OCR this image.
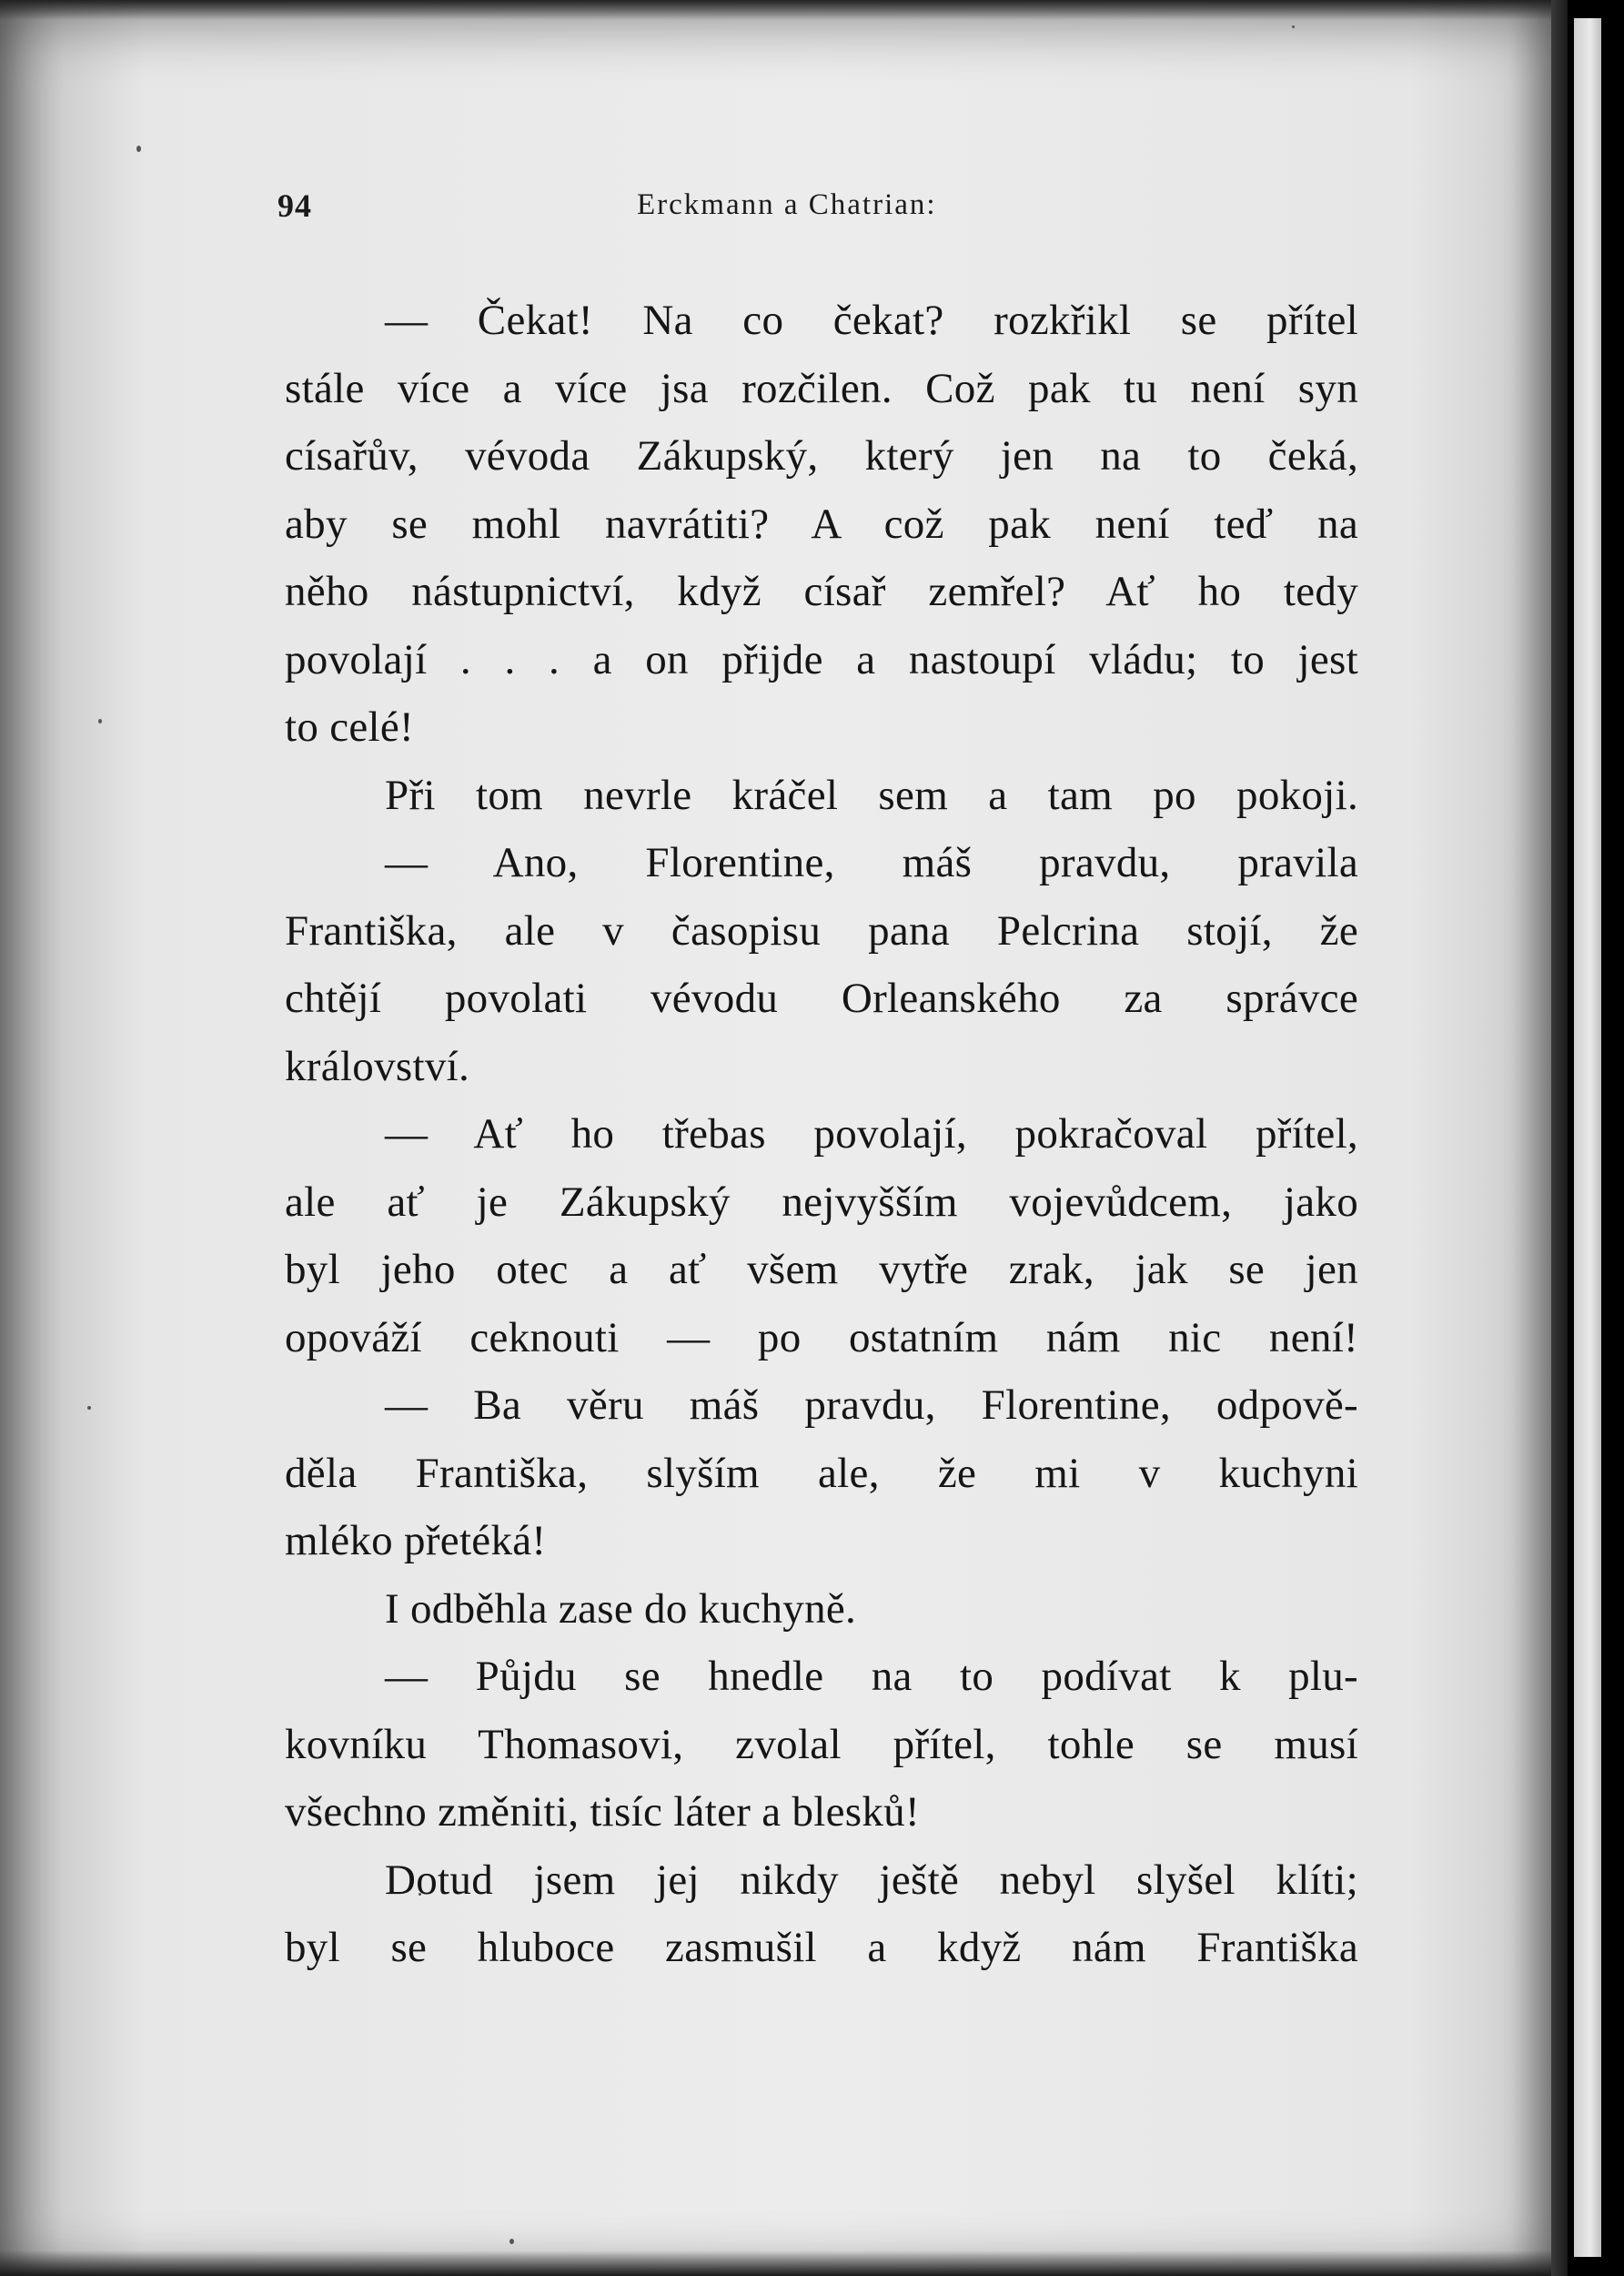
94	Erckmann a Chatrian:
— Čekat! Na co čekat? rozkřikl se přítel
stále více a více jsa rozčilen. Což pak tu není syn
císařův, vévoda Zákupský, který jen na to čeká,
aby se mohl navrátiti? A což pak není teď na
něho nástupnictví, když císař zemřel? Ať ho tedy
povolají . . . a on přijde a nastoupí vládu; to jest
to celé!
Při tom nevrle kráčel sem a tam po pokoji.
— Ano, Florentine, máš pravdu, pravila
Františka, ale v časopisu pana Pelcrina stojí, že
chtějí povolati vévodu Orleanského za správce
království.
— Ať ho třebas povolají, pokračoval přítel,
ale ať je Zákupský nejvyšším vojevůdcem, jako
byl jeho otec a ať všem vytře zrak, jak se jen
opováží ceknouti — po ostatním nám nic není!
— Ba věru máš pravdu, Florentine, odpově-
děla Františka, slyším ale, že mi v kuchyni
mléko přetéká!
I odběhla zase do kuchyně.
— Půjdu se hnedle na to podívat k plu-
kovníku Thomasovi, zvolal přítel, tohle se musí
všechno změniti, tisíc láter a blesků!
Dotud jsem jej nikdy ještě nebyl slyšel klíti;
byl se hluboce zasmušil a když nám Františka
